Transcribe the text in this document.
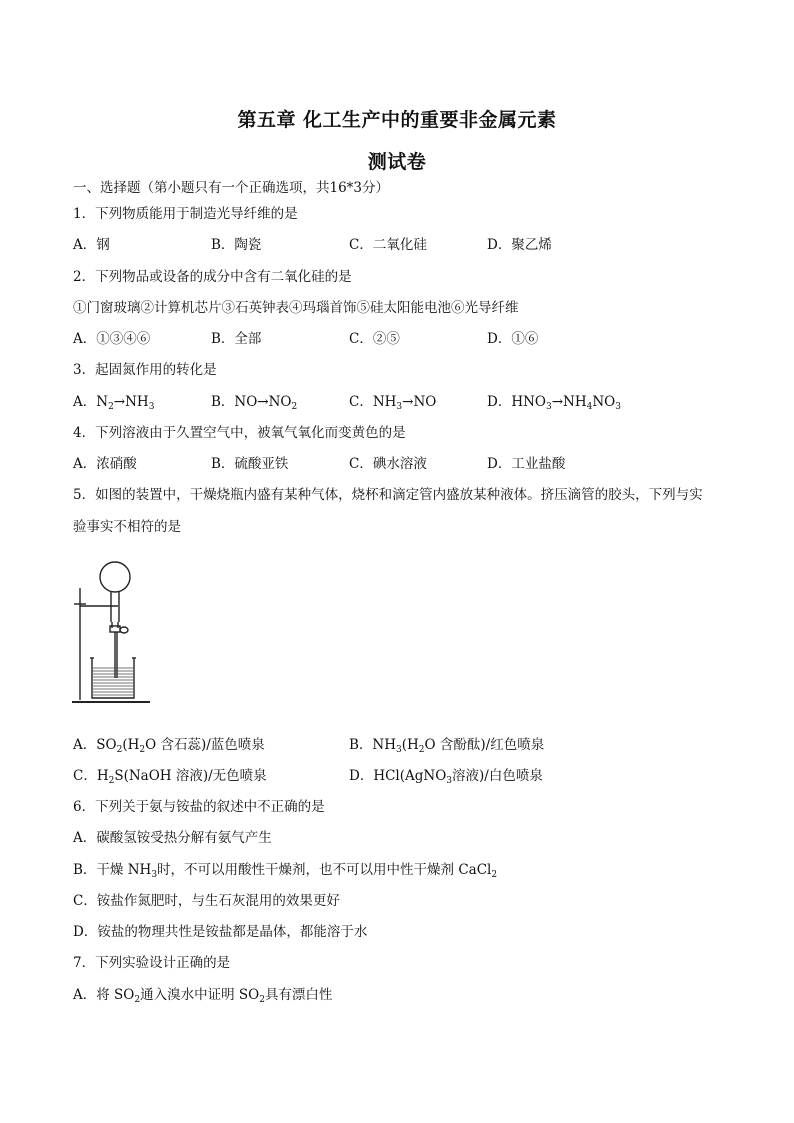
第五章 化工生产中的重要非金属元素
测试卷
一、选择题（第小题只有一个正确选项，共16*3分）
1．下列物质能用于制造光导纤维的是
A．钢	B．陶瓷	C．二氧化硅	D．聚乙烯
2．下列物品或设备的成分中含有二氧化硅的是
①门窗玻璃②计算机芯片③石英钟表④玛瑙首饰⑤硅太阳能电池⑥光导纤维
A．①③④⑥	B．全部	C．②⑤	D．①⑥
3．起固氮作用的转化是
A．$N_2\to NH_3$	B．$NO\to NO_2$	C．$NH_3\to NO$	D．$HNO_3\to NH_4NO_3$
4．下列溶液由于久置空气中，被氧气氧化而变黄色的是
A．浓硝酸	B．硫酸亚铁	C．碘水溶液	D．工业盐酸
5．如图的装置中，干燥烧瓶内盛有某种气体，烧杯和滴定管内盛放某种液体。挤压滴管的胶头，下列与实
验事实不相符的是
A．$SO_2(H_2O$ 含石蕊)/蓝色喷泉	B．$NH_3(H_2O$ 含酚酞)/红色喷泉
C．$H_2S(NaOH$ 溶液)/无色喷泉	D．HCl(AgNO$_3$溶液)/白色喷泉
6．下列关于氨与铵盐的叙述中不正确的是
A．碳酸氢铵受热分解有氨气产生
B．干燥 $NH_3$时，不可以用酸性干燥剂，也不可以用中性干燥剂 CaCl$_2$
C．铵盐作氮肥时，与生石灰混用的效果更好
D．铵盐的物理共性是铵盐都是晶体，都能溶于水
7．下列实验设计正确的是
A．将 $SO_2$通入溴水中证明 $SO_2$具有漂白性
